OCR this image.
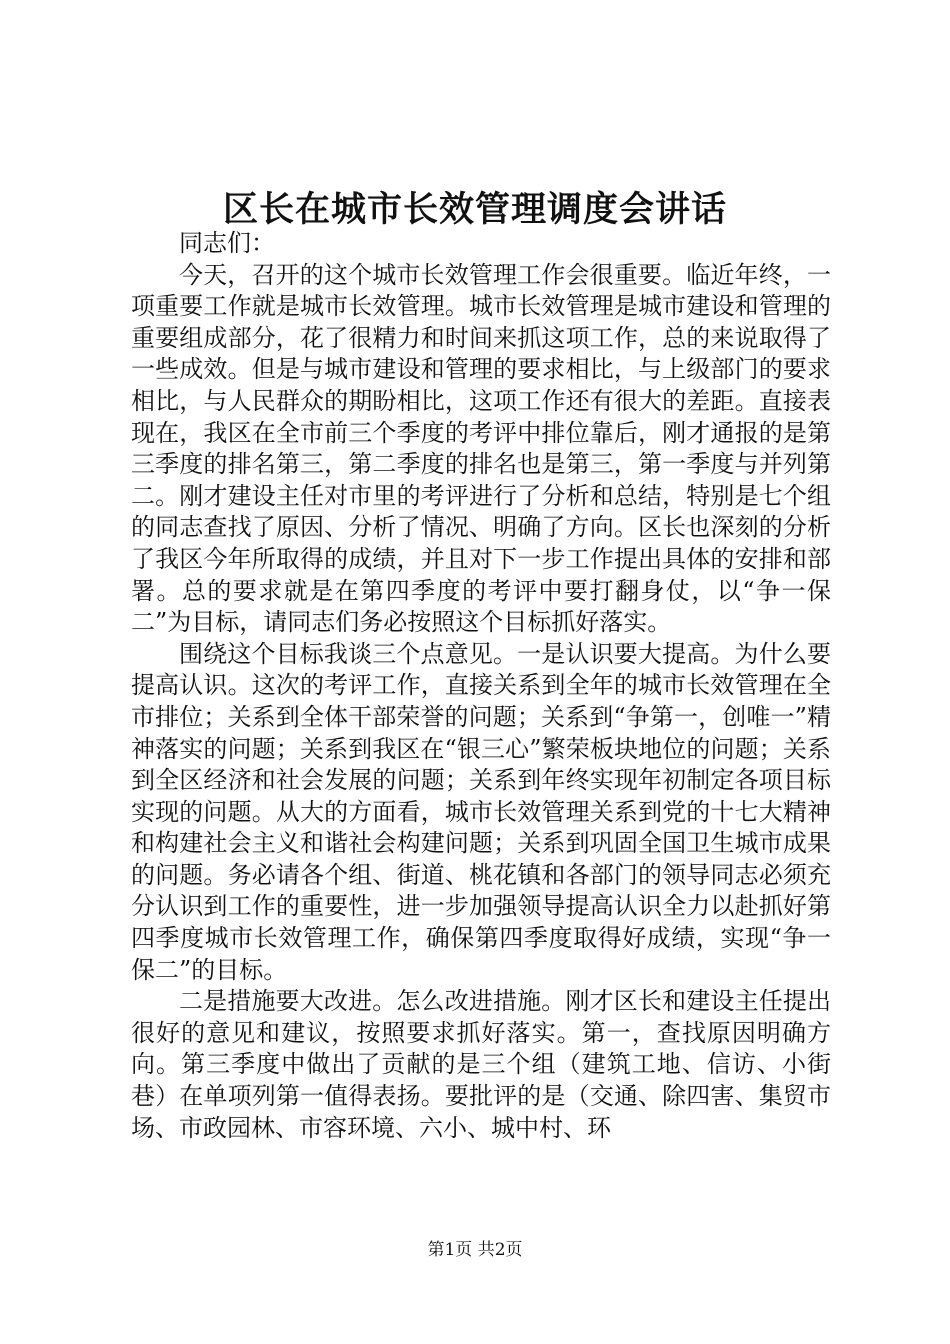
区长在城市长效管理调度会讲话

同志们：

今天，召开的这个城市长效管理工作会很重要。临近年终，一项重要工作就是城市长效管理。城市长效管理是城市建设和管理的重要组成部分，花了很精力和时间来抓这项工作，总的来说取得了一些成效。但是与城市建设和管理的要求相比，与上级部门的要求相比，与人民群众的期盼相比，这项工作还有很大的差距。直接表现在，我区在全市前三个季度的考评中排位靠后，刚才通报的是第三季度的排名第三，第二季度的排名也是第三，第一季度与并列第二。刚才建设主任对市里的考评进行了分析和总结，特别是七个组的同志查找了原因、分析了情况、明确了方向。区长也深刻的分析了我区今年所取得的成绩，并且对下一步工作提出具体的安排和部署。总的要求就是在第四季度的考评中要打翻身仗，以“争一保二”为目标，请同志们务必按照这个目标抓好落实。

围绕这个目标我谈三个点意见。一是认识要大提高。为什么要提高认识。这次的考评工作，直接关系到全年的城市长效管理在全市排位；关系到全体干部荣誉的问题；关系到“争第一，创唯一”精神落实的问题；关系到我区在“银三心”繁荣板块地位的问题；关系到全区经济和社会发展的问题；关系到年终实现年初制定各项目标实现的问题。从大的方面看，城市长效管理关系到党的十七大精神和构建社会主义和谐社会构建问题；关系到巩固全国卫生城市成果的问题。务必请各个组、街道、桃花镇和各部门的领导同志必须充分认识到工作的重要性，进一步加强领导提高认识全力以赴抓好第四季度城市长效管理工作，确保第四季度取得好成绩，实现“争一保二”的目标。

二是措施要大改进。怎么改进措施。刚才区长和建设主任提出很好的意见和建议，按照要求抓好落实。第一，查找原因明确方向。第三季度中做出了贡献的是三个组（建筑工地、信访、小街巷）在单项列第一值得表扬。要批评的是（交通、除四害、集贸市场、市政园林、市容环境、六小、城中村、环

第1页 共2页
